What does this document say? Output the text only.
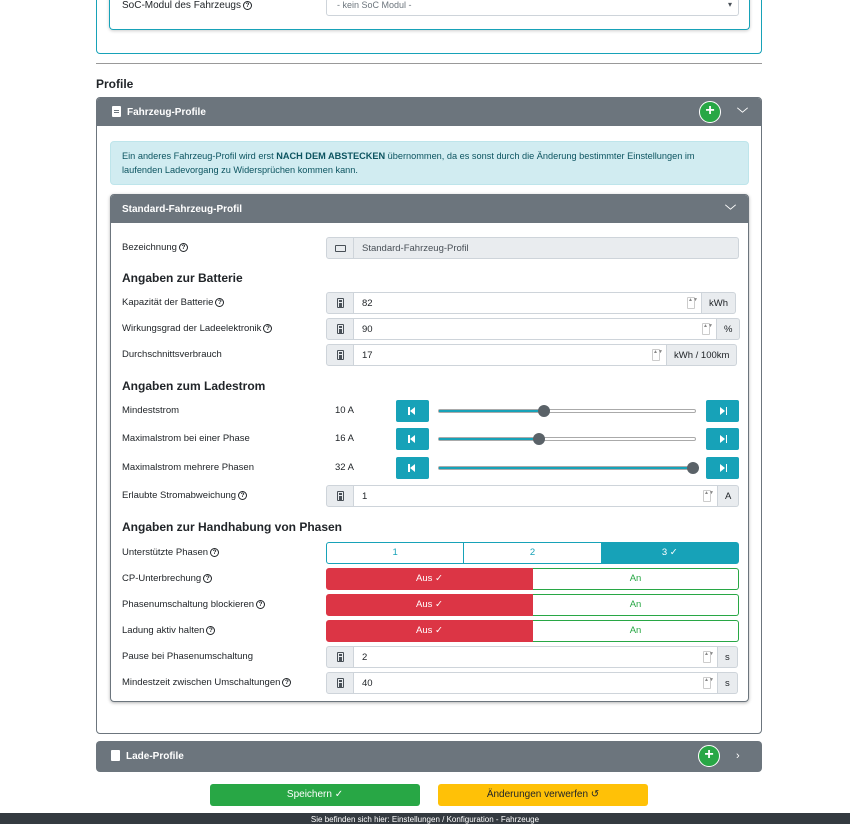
SoC-Modul des Fahrzeugs ?	- kein SoC Modul -	▾
Profile
Fahrzeug-Profile	+	﹀
Ein anderes Fahrzeug-Profil wird erst NACH DEM ABSTECKEN übernommen, da es sonst durch die Änderung bestimmter Einstellungen im laufenden Ladevorgang zu Widersprüchen kommen kann.
Standard-Fahrzeug-Profil	﹀
Bezeichnung ?	Standard-Fahrzeug-Profil
Angaben zur Batterie
Kapazität der Batterie ?	82	▲▼	kWh
Wirkungsgrad der Ladeelektronik ?	90	▲▼	%
Durchschnittsverbrauch	17	▲▼	kWh / 100km
Angaben zum Ladestrom
Mindeststrom	10 A
Maximalstrom bei einer Phase	16 A
Maximalstrom mehrere Phasen	32 A
Erlaubte Stromabweichung ?	1	▲▼	A
Angaben zur Handhabung von Phasen
Unterstützte Phasen ?	1	2	3 ✓
CP-Unterbrechung ?	Aus ✓	An
Phasenumschaltung blockieren ?	Aus ✓	An
Ladung aktiv halten ?	Aus ✓	An
Pause bei Phasenumschaltung	2	▲▼	s
Mindestzeit zwischen Umschaltungen ?	40	▲▼	s
Lade-Profile	+	›
Speichern ✓	Änderungen verwerfen ↺
Sie befinden sich hier: Einstellungen / Konfiguration - Fahrzeuge
